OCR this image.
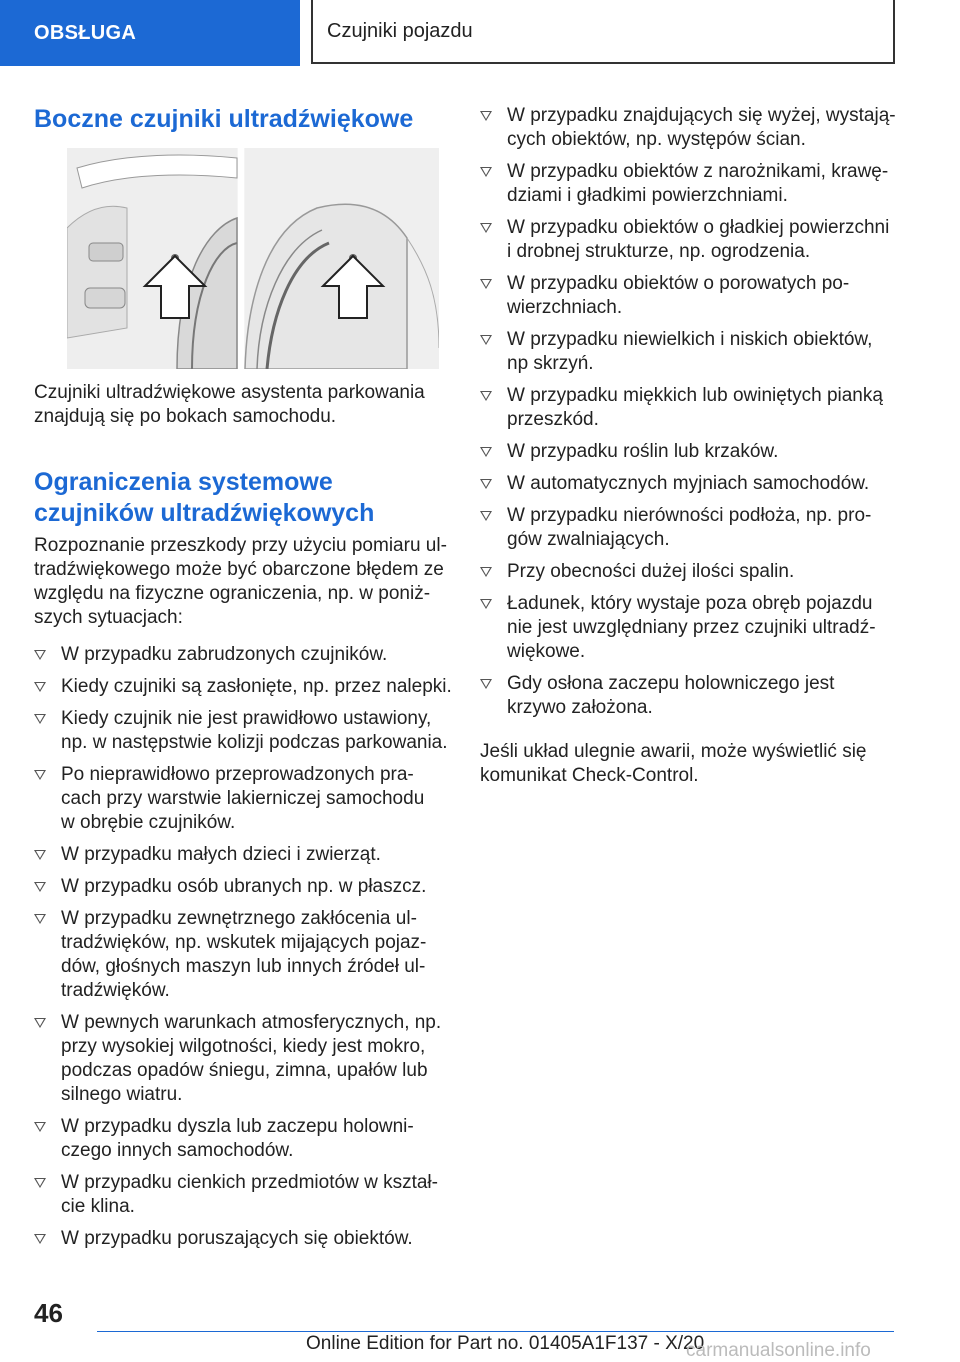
OBSŁUGA	Czujniki pojazdu
Boczne czujniki ultradźwiękowe

Czujniki ultradźwiękowe asystenta parkowania
znajdują się po bokach samochodu.

Ograniczenia systemowe
czujników ultradźwiękowych

Rozpoznanie przeszkody przy użyciu pomiaru ul‐
tradźwiękowego może być obarczone błędem ze
względu na fizyczne ograniczenia, np. w poniż‐
szych sytuacjach:

W przypadku zabrudzonych czujników.
Kiedy czujniki są zasłonięte, np. przez nalepki.
Kiedy czujnik nie jest prawidłowo ustawiony,
np. w następstwie kolizji podczas parkowania.
Po nieprawidłowo przeprowadzonych pra‐
cach przy warstwie lakierniczej samochodu
w obrębie czujników.
W przypadku małych dzieci i zwierząt.
W przypadku osób ubranych np. w płaszcz.
W przypadku zewnętrznego zakłócenia ul‐
tradźwięków, np. wskutek mijających pojaz‐
dów, głośnych maszyn lub innych źródeł ul‐
tradźwięków.
W pewnych warunkach atmosferycznych, np.
przy wysokiej wilgotności, kiedy jest mokro,
podczas opadów śniegu, zimna, upałów lub
silnego wiatru.
W przypadku dyszla lub zaczepu holowni‐
czego innych samochodów.
W przypadku cienkich przedmiotów w kształ‐
cie klina.
W przypadku poruszających się obiektów.
W przypadku znajdujących się wyżej, wystają‐
cych obiektów, np. występów ścian.
W przypadku obiektów z narożnikami, krawę‐
dziami i gładkimi powierzchniami.
W przypadku obiektów o gładkiej powierzchni
i drobnej strukturze, np. ogrodzenia.
W przypadku obiektów o porowatych po‐
wierzchniach.
W przypadku niewielkich i niskich obiektów,
np skrzyń.
W przypadku miękkich lub owiniętych pianką
przeszkód.
W przypadku roślin lub krzaków.
W automatycznych myjniach samochodów.
W przypadku nierówności podłoża, np. pro‐
gów zwalniających.
Przy obecności dużej ilości spalin.
Ładunek, który wystaje poza obręb pojazdu
nie jest uwzględniany przez czujniki ultradź‐
więkowe.
Gdy osłona zaczepu holowniczego jest
krzywo założona.

Jeśli układ ulegnie awarii, może wyświetlić się
komunikat Check-Control.

46
Online Edition for Part no. 01405A1F137 - X/20
carmanualsonline.info
